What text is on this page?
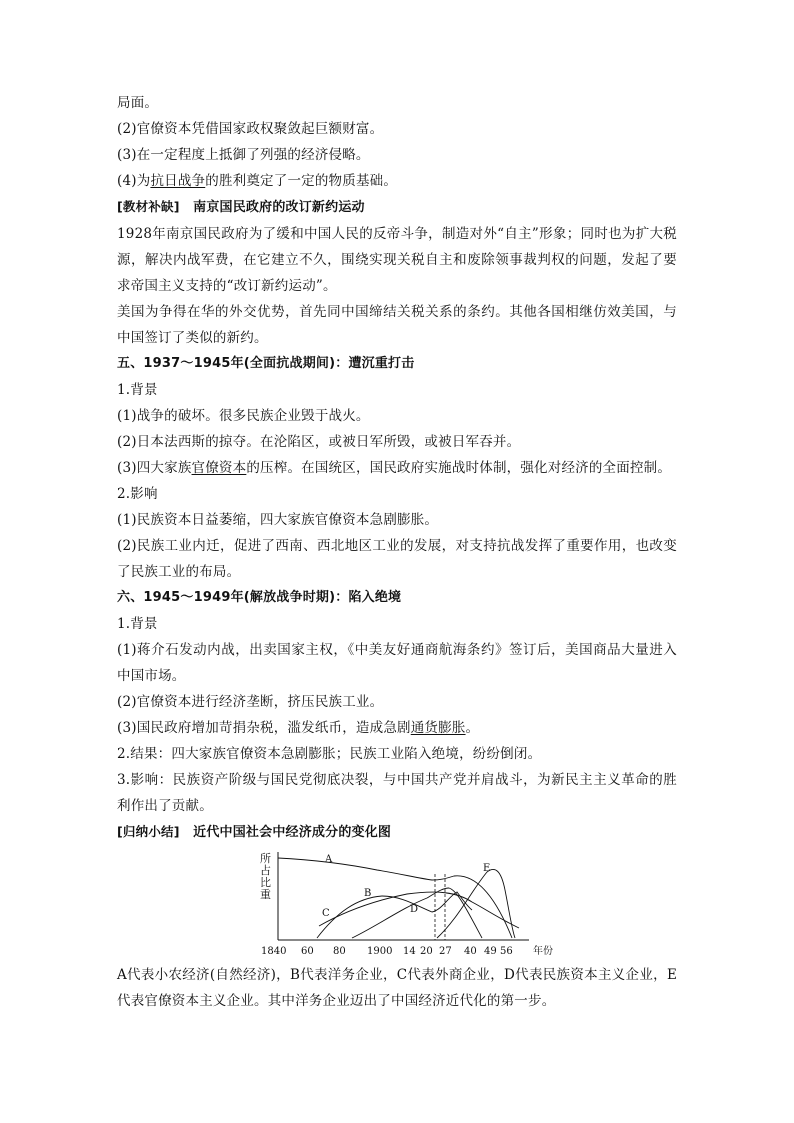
局面。
(2)官僚资本凭借国家政权聚敛起巨额财富。
(3)在一定程度上抵御了列强的经济侵略。
(4)为抗日战争的胜利奠定了一定的物质基础。
[教材补缺] 南京国民政府的改订新约运动
1928年南京国民政府为了缓和中国人民的反帝斗争，制造对外“自主”形象；同时也为扩大税源，解决内战军费，在它建立不久，围绕实现关税自主和废除领事裁判权的问题，发起了要求帝国主义支持的“改订新约运动”。
美国为争得在华的外交优势，首先同中国缔结关税关系的条约。其他各国相继仿效美国，与中国签订了类似的新约。
五、1937～1945年(全面抗战期间)：遭沉重打击
1.背景
(1)战争的破坏。很多民族企业毁于战火。
(2)日本法西斯的掠夺。在沦陷区，或被日军所毁，或被日军吞并。
(3)四大家族官僚资本的压榨。在国统区，国民政府实施战时体制，强化对经济的全面控制。
2.影响
(1)民族资本日益萎缩，四大家族官僚资本急剧膨胀。
(2)民族工业内迁，促进了西南、西北地区工业的发展，对支持抗战发挥了重要作用，也改变了民族工业的布局。
六、1945～1949年(解放战争时期)：陷入绝境
1.背景
(1)蒋介石发动内战，出卖国家主权，《中美友好通商航海条约》签订后，美国商品大量进入中国市场。
(2)官僚资本进行经济垄断，挤压民族工业。
(3)国民政府增加苛捐杂税，滥发纸币，造成急剧通货膨胀。
2.结果：四大家族官僚资本急剧膨胀；民族工业陷入绝境，纷纷倒闭。
3.影响：民族资产阶级与国民党彻底决裂，与中国共产党并肩战斗，为新民主主义革命的胜利作出了贡献。
[归纳小结] 近代中国社会中经济成分的变化图
所占比重
A
B
C	D
E
1840 60 80 1900 14 20 27 40 49 56 年份
A代表小农经济(自然经济)，B代表洋务企业，C代表外商企业，D代表民族资本主义企业，E代表官僚资本主义企业。其中洋务企业迈出了中国经济近代化的第一步。
